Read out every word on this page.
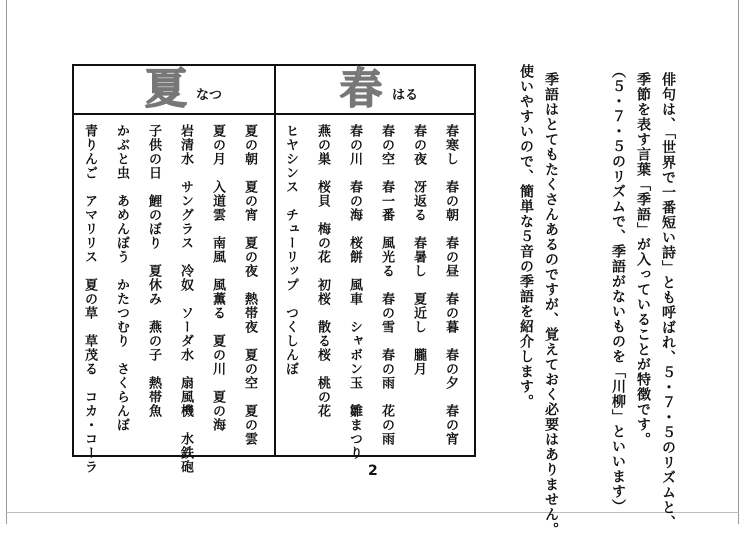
俳句は、「世界で一番短い詩」とも呼ばれ、５・７・５のリズムと、
季節を表す言葉「季語」が入っていることが特徴です。
（５・７・５のリズムで、季語がないものを「川柳」といいます）
季語はとてもたくさんあるのですが、覚えておく必要はありません。
使いやすいので、簡単な５音の季語を紹介します。
夏 なつ	春 はる
春寒し　春の朝　春の昼　春の暮　春の夕　春の宵
春の夜　冴返る　春暑し　夏近し　朧月
春の空　春一番　風光る　春の雪　春の雨　花の雨
春の川　春の海　桜餅　風車　シャボン玉　雛まつり
燕の巣　桜貝　梅の花　初桜　散る桜　桃の花
ヒヤシンス　チューリップ　つくしんぼ
夏の朝　夏の宵　夏の夜　熱帯夜　夏の空　夏の雲
夏の月　入道雲　南風　風薫る　夏の川　夏の海
岩清水　サングラス　冷奴　ソーダ水　扇風機　水鉄砲
子供の日　鯉のぼり　夏休み　燕の子　熱帯魚
かぶと虫　あめんぼう　かたつむり　さくらんぼ
青りんご　アマリリス　夏の草　草茂る　コカ・コーラ	2
